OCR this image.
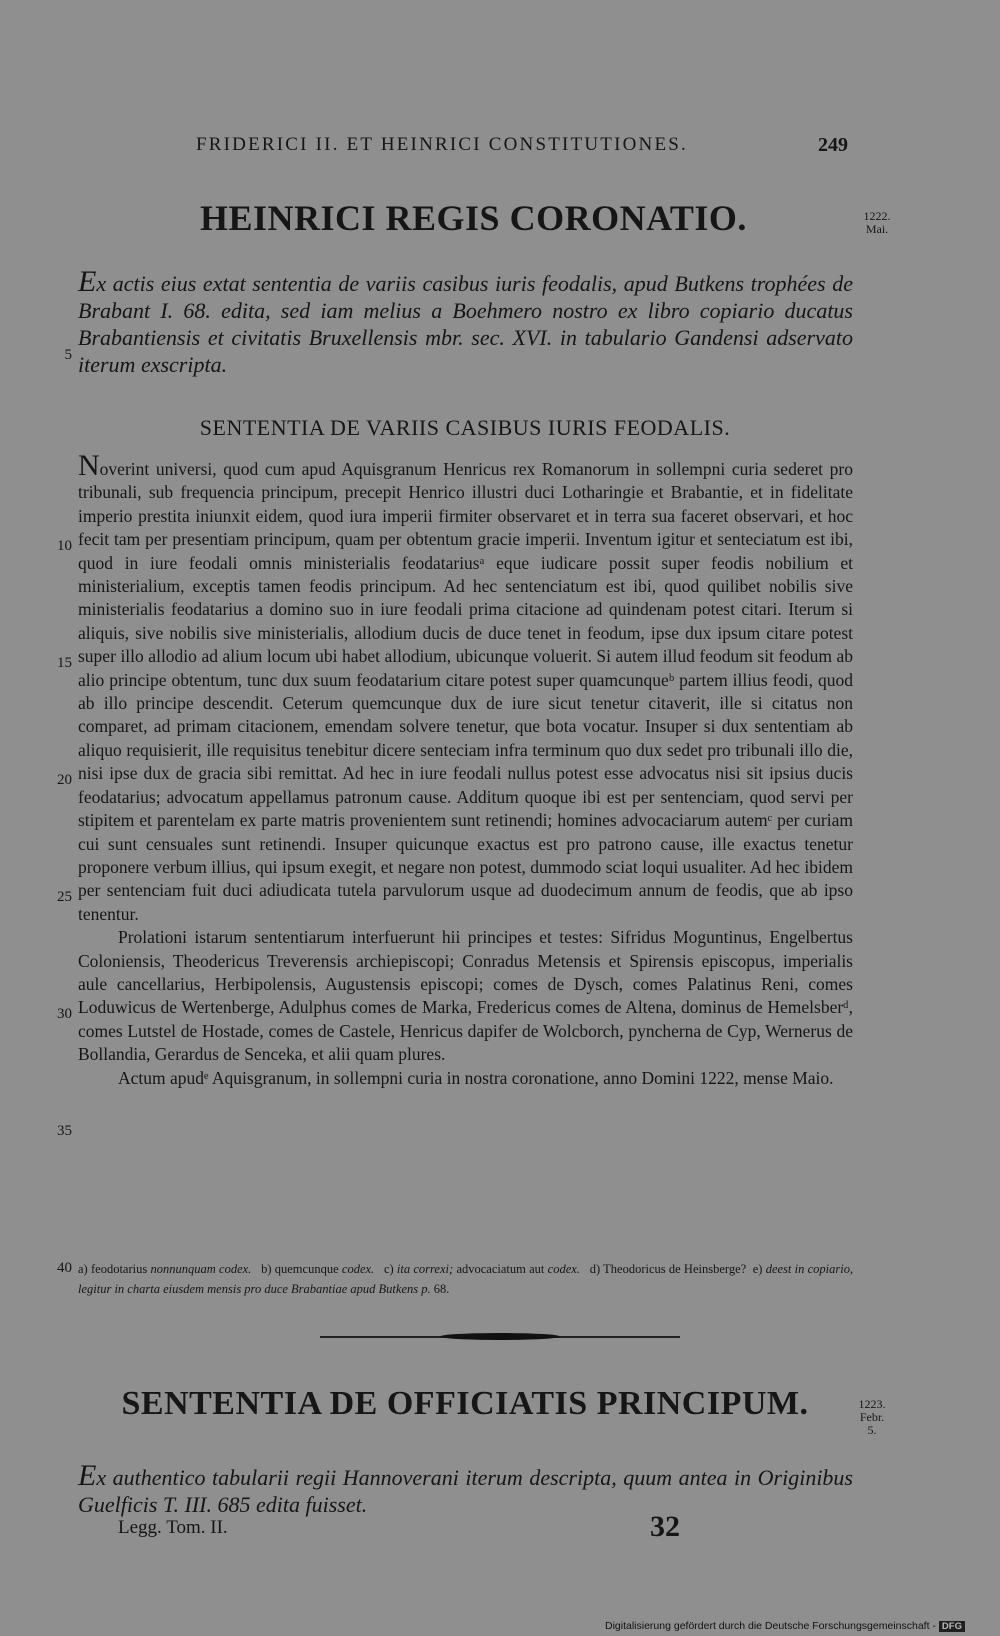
FRIDERICI II. ET HEINRICI CONSTITUTIONES.	249
HEINRICI REGIS CORONATIO.	1222.
Mai.
Ex actis eius extat sententia de variis casibus iuris feodalis, apud Butkens trophées de Brabant I. 68. edita, sed iam melius a Boehmero nostro ex libro copiario ducatus Brabantiensis et civitatis Bruxellensis mbr. sec. XVI. in tabulario Gandensi adservato iterum exscripta.
5
SENTENTIA DE VARIIS CASIBUS IURIS FEODALIS.

Noverint universi, quod cum apud Aquisgranum Henricus rex Romanorum in sollempni curia sederet pro tribunali, sub frequencia principum, precepit Henrico illustri duci Lotharingie et Brabantie, et in fidelitate imperio prestita iniunxit eidem, quod iura imperii firmiter observaret et in terra sua faceret observari, et hoc fecit tam per presentiam principum, quam per obtentum gracie imperii. Inventum igitur et senteciatum est ibi, quod in iure feodali omnis ministerialis feodatariusᵃ eque iudicare possit super feodis nobilium et ministerialium, exceptis tamen feodis principum. Ad hec sentenciatum est ibi, quod quilibet nobilis sive ministerialis feodatarius a domino suo in iure feodali prima citacione ad quindenam potest citari. Iterum si aliquis, sive nobilis sive ministerialis, allodium ducis de duce tenet in feodum, ipse dux ipsum citare potest super illo allodio ad alium locum ubi habet allodium, ubicunque voluerit. Si autem illud feodum sit feodum ab alio principe obtentum, tunc dux suum feodatarium citare potest super quamcunqueᵇ partem illius feodi, quod ab illo principe descendit. Ceterum quemcunque dux de iure sicut tenetur citaverit, ille si citatus non comparet, ad primam citacionem, emendam solvere tenetur, que bota vocatur. Insuper si dux sententiam ab aliquo requisierit, ille requisitus tenebitur dicere senteciam infra terminum quo dux sedet pro tribunali illo die, nisi ipse dux de gracia sibi remittat. Ad hec in iure feodali nullus potest esse advocatus nisi sit ipsius ducis feodatarius; advocatum appellamus patronum cause. Additum quoque ibi est per sentenciam, quod servi per stipitem et parentelam ex parte matris provenientem sunt retinendi; homines advocaciarum autemᶜ per curiam cui sunt censuales sunt retinendi. Insuper quicunque exactus est pro patrono cause, ille exactus tenetur proponere verbum illius, qui ipsum exegit, et negare non potest, dummodo sciat loqui usualiter. Ad hec ibidem per sentenciam fuit duci adiudicata tutela parvulorum usque ad duodecimum annum de feodis, que ab ipso tenentur.

Prolationi istarum sententiarum interfuerunt hii principes et testes: Sifridus Moguntinus, Engelbertus Coloniensis, Theodericus Treverensis archiepiscopi; Conradus Metensis et Spirensis episcopus, imperialis aule cancellarius, Herbipolensis, Augustensis episcopi; comes de Dysch, comes Palatinus Reni, comes Loduwicus de Wertenberge, Adulphus comes de Marka, Fredericus comes de Altena, dominus de Hemelsberᵈ, comes Lutstel de Hostade, comes de Castele, Henricus dapifer de Wolcborch, pyncherna de Cyp, Wernerus de Bollandia, Gerardus de Senceka, et alii quam plures.

Actum apudᵉ Aquisgranum, in sollempni curia in nostra coronatione, anno Domini 1222, mense Maio.

10
15
20
25
30
35
40 a) feodotarius nonnunquam codex. b) quemcunque codex. c) ita correxi; advocaciatum aut codex. d) Theodoricus de Heinsberge? e) deest in copiario, legitur in charta eiusdem mensis pro duce Brabantiae apud Butkens p. 68.
SENTENTIA DE OFFICIATIS PRINCIPUM.	1223.
Febr.
5.
Ex authentico tabularii regii Hannoverani iterum descripta, quum antea in Originibus Guelficis T. III. 685 edita fuisset.
Legg. Tom. II.	32
Digitalisierung gefördert durch die Deutsche Forschungsgemeinschaft - DFG
